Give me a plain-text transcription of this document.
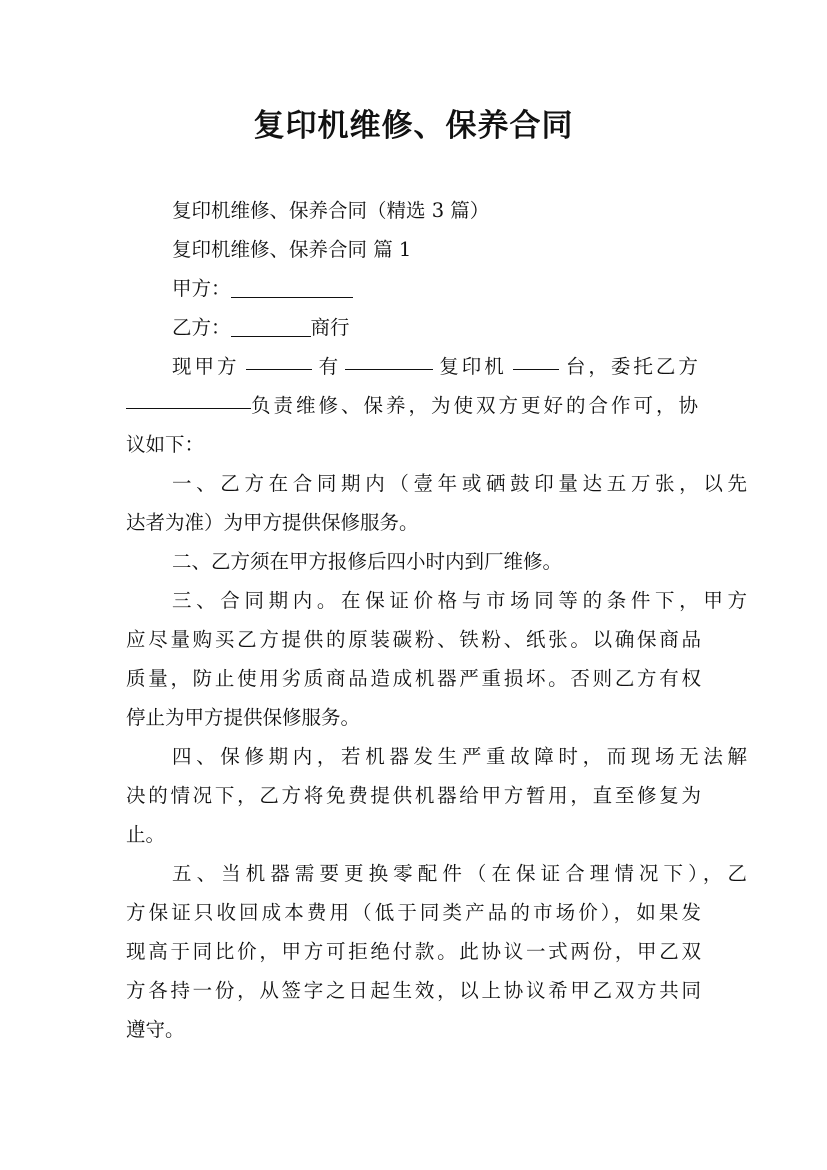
复印机维修、保养合同
复印机维修、保养合同（精选 3 篇）
复印机维修、保养合同 篇 1
甲方：
乙方：	商行
现甲方	有	复印机	台，委托乙方
负责维修、保养，为使双方更好的合作可，协
议如下：
一、乙方在合同期内（壹年或硒鼓印量达五万张，以先
达者为准）为甲方提供保修服务。
二、乙方须在甲方报修后四小时内到厂维修。
三、合同期内。在保证价格与市场同等的条件下，甲方
应尽量购买乙方提供的原装碳粉、铁粉、纸张。以确保商品
质量，防止使用劣质商品造成机器严重损坏。否则乙方有权
停止为甲方提供保修服务。
四、保修期内，若机器发生严重故障时，而现场无法解
决的情况下，乙方将免费提供机器给甲方暂用，直至修复为
止。
五、当机器需要更换零配件（在保证合理情况下），乙
方保证只收回成本费用（低于同类产品的市场价），如果发
现高于同比价，甲方可拒绝付款。此协议一式两份，甲乙双
方各持一份，从签字之日起生效，以上协议希甲乙双方共同
遵守。
